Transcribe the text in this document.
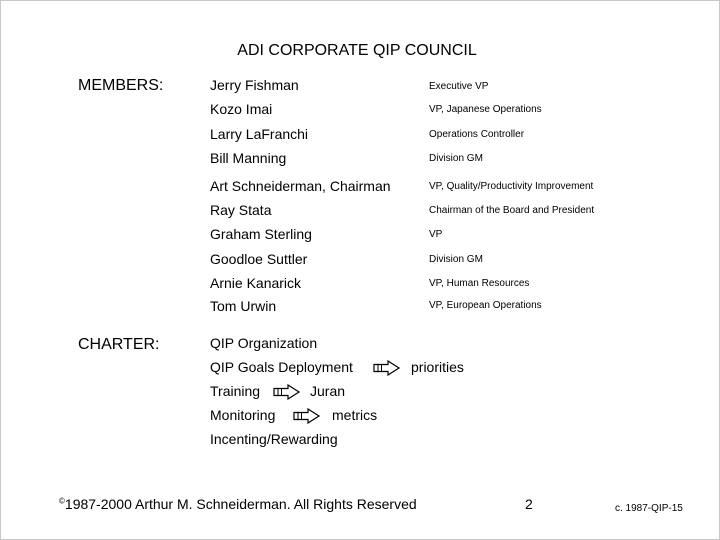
ADI CORPORATE QIP COUNCIL
MEMBERS:	Jerry Fishman	Executive VP
Kozo Imai	VP, Japanese Operations
Larry LaFranchi	Operations Controller
Bill Manning	Division GM
Art Schneiderman, Chairman	VP, Quality/Productivity Improvement
Ray Stata	Chairman of the Board and President
Graham Sterling	VP
Goodloe Suttler	Division GM
Arnie Kanarick	VP, Human Resources
Tom Urwin	VP, European Operations
CHARTER:	QIP Organization
QIP Goals Deployment	priorities
Training	Juran
Monitoring	metrics
Incenting/Rewarding
©1987-2000 Arthur M. Schneiderman. All Rights Reserved	2	c. 1987-QIP-15
